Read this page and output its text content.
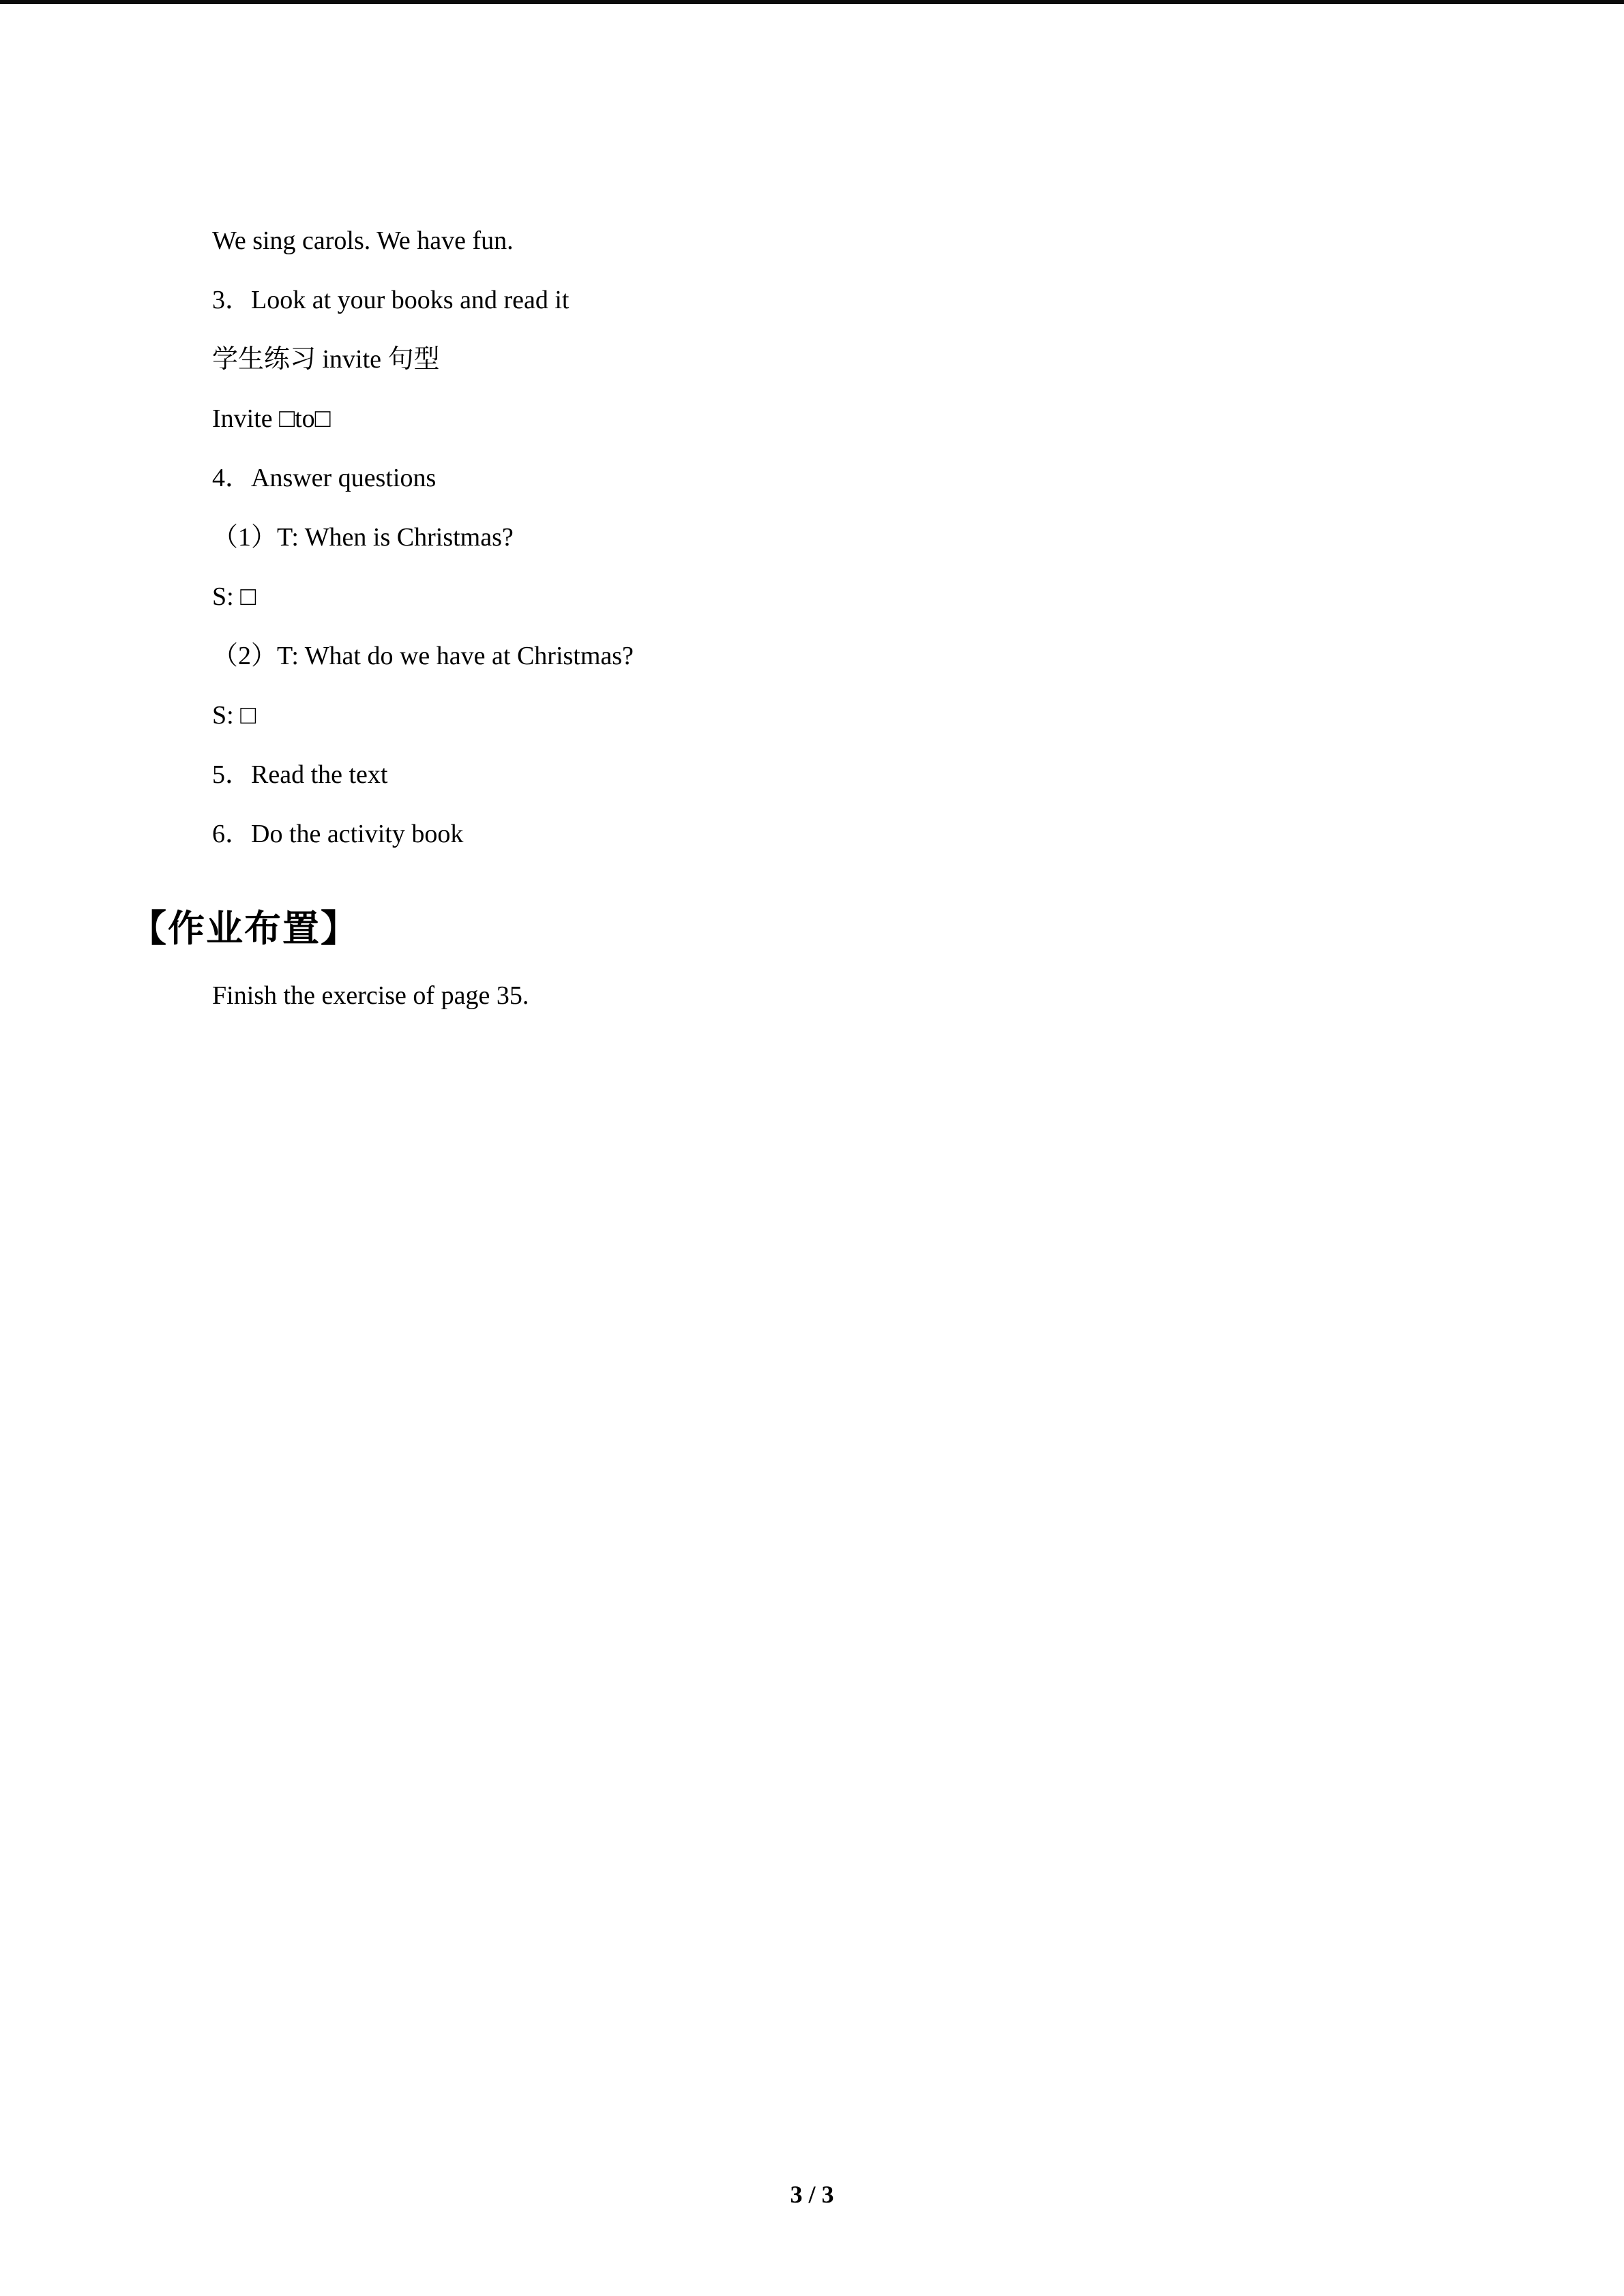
We sing carols. We have fun.

3．Look at your books and read it

学生练习 invite 句型

Invite □to□

4．Answer questions

（1）T: When is Christmas?

S: □

（2）T: What do we have at Christmas?

S: □

5．Read the text

6．Do the activity book

【作业布置】

Finish the exercise of page 35.

3 / 3
